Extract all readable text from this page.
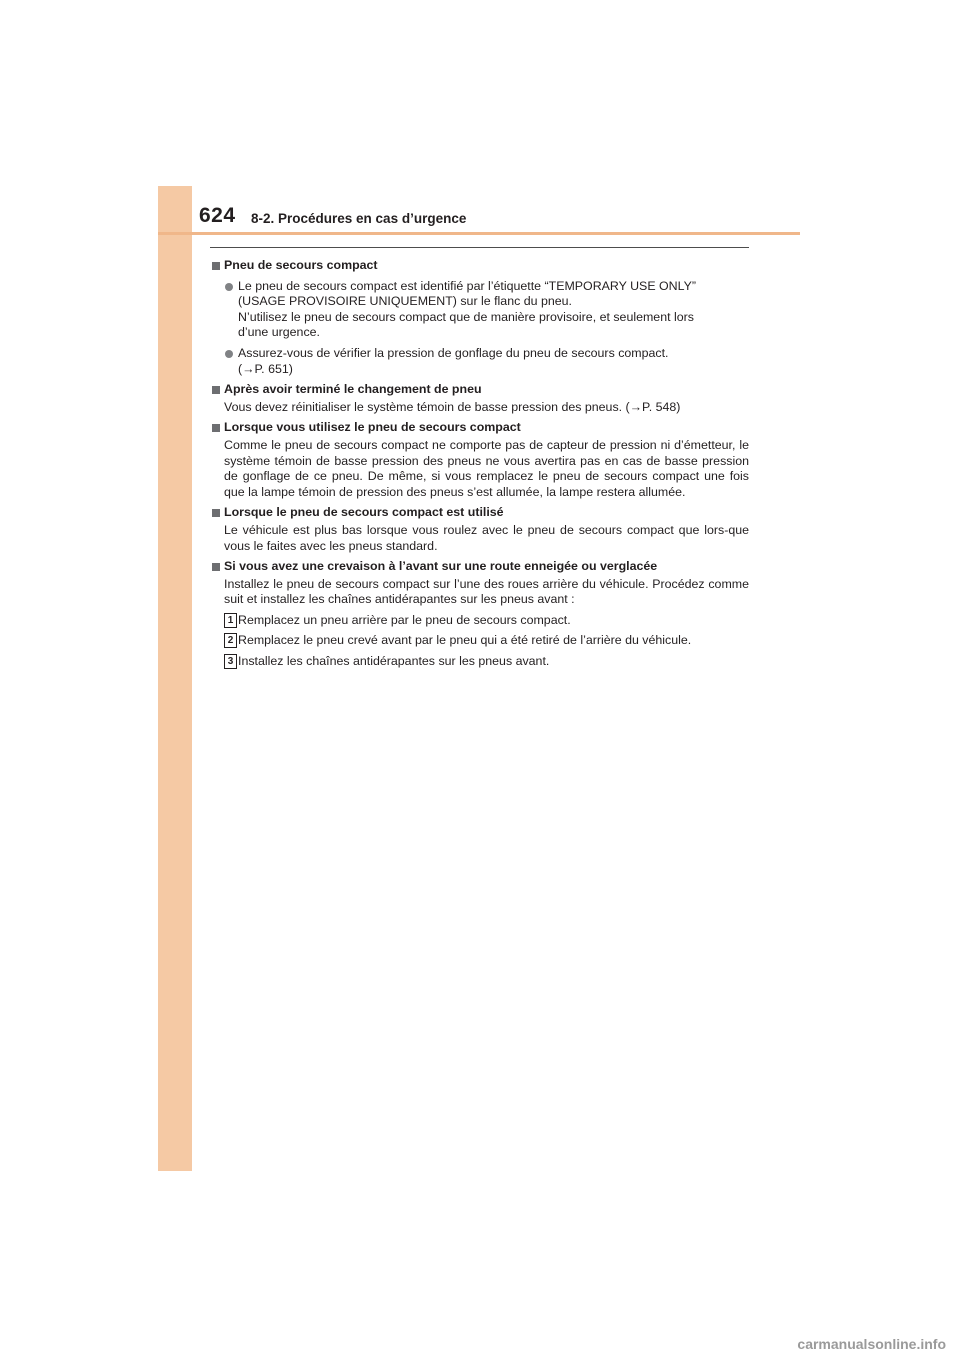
624 8-2. Procédures en cas d’urgence
Pneu de secours compact
Le pneu de secours compact est identifié par l’étiquette “TEMPORARY USE ONLY”
(USAGE PROVISOIRE UNIQUEMENT) sur le flanc du pneu.
N’utilisez le pneu de secours compact que de manière provisoire, et seulement lors
d’une urgence.
Assurez-vous de vérifier la pression de gonflage du pneu de secours compact.
(→P. 651)
Après avoir terminé le changement de pneu
Vous devez réinitialiser le système témoin de basse pression des pneus. (→P. 548)
Lorsque vous utilisez le pneu de secours compact
Comme le pneu de secours compact ne comporte pas de capteur de pression ni d’émetteur, le système témoin de basse pression des pneus ne vous avertira pas en cas de basse pression de gonflage de ce pneu. De même, si vous remplacez le pneu de secours compact une fois que la lampe témoin de pression des pneus s’est allumée, la lampe restera allumée.
Lorsque le pneu de secours compact est utilisé
Le véhicule est plus bas lorsque vous roulez avec le pneu de secours compact que lors-que vous le faites avec les pneus standard.
Si vous avez une crevaison à l’avant sur une route enneigée ou verglacée
Installez le pneu de secours compact sur l’une des roues arrière du véhicule. Procédez comme suit et installez les chaînes antidérapantes sur les pneus avant :
1 Remplacez un pneu arrière par le pneu de secours compact.
2 Remplacez le pneu crevé avant par le pneu qui a été retiré de l’arrière du véhicule.
3 Installez les chaînes antidérapantes sur les pneus avant.
carmanualsonline.info
